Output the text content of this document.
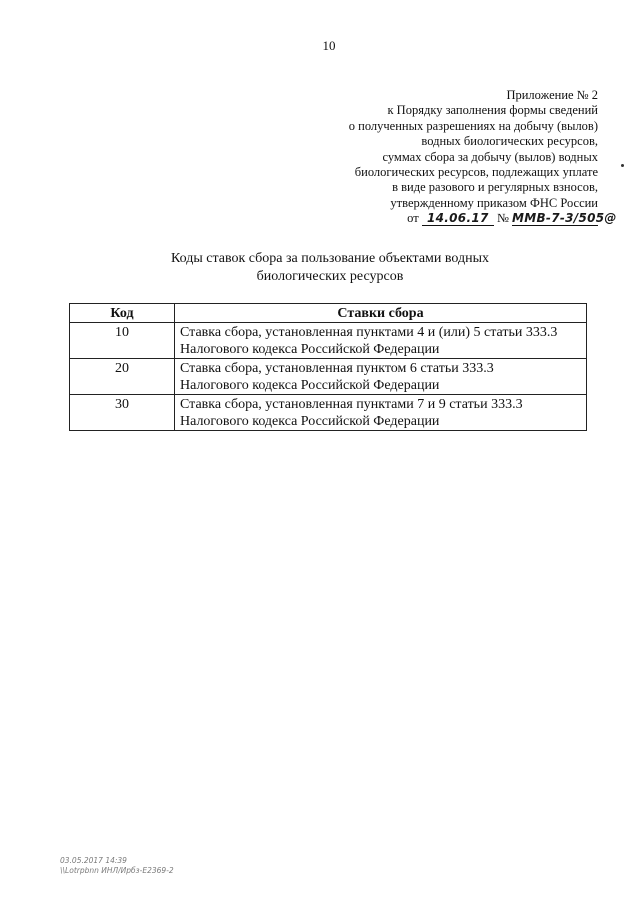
10
Приложение № 2
к Порядку заполнения формы сведений
о полученных разрешениях на добычу (вылов)
водных биологических ресурсов,
суммах сбора за добычу (вылов) водных
биологических ресурсов, подлежащих уплате
в виде разового и регулярных взносов,
утвержденному приказом ФНС России
от 14.06.17 № ММВ-7-3/505@
Коды ставок сбора за пользование объектами водных
биологических ресурсов
Код	Ставки сбора
10	Ставка сбора, установленная пунктами 4 и (или) 5 статьи 333.3
Налогового кодекса Российской Федерации

20	Ставка сбора, установленная пунктом 6 статьи 333.3
Налогового кодекса Российской Федерации

30	Ставка сбора, установленная пунктами 7 и 9 статьи 333.3
Налогового кодекса Российской Федерации
03.05.2017 14:39
\\Lotrpbnn ИНЛ/Ирбз-Е2369-2
